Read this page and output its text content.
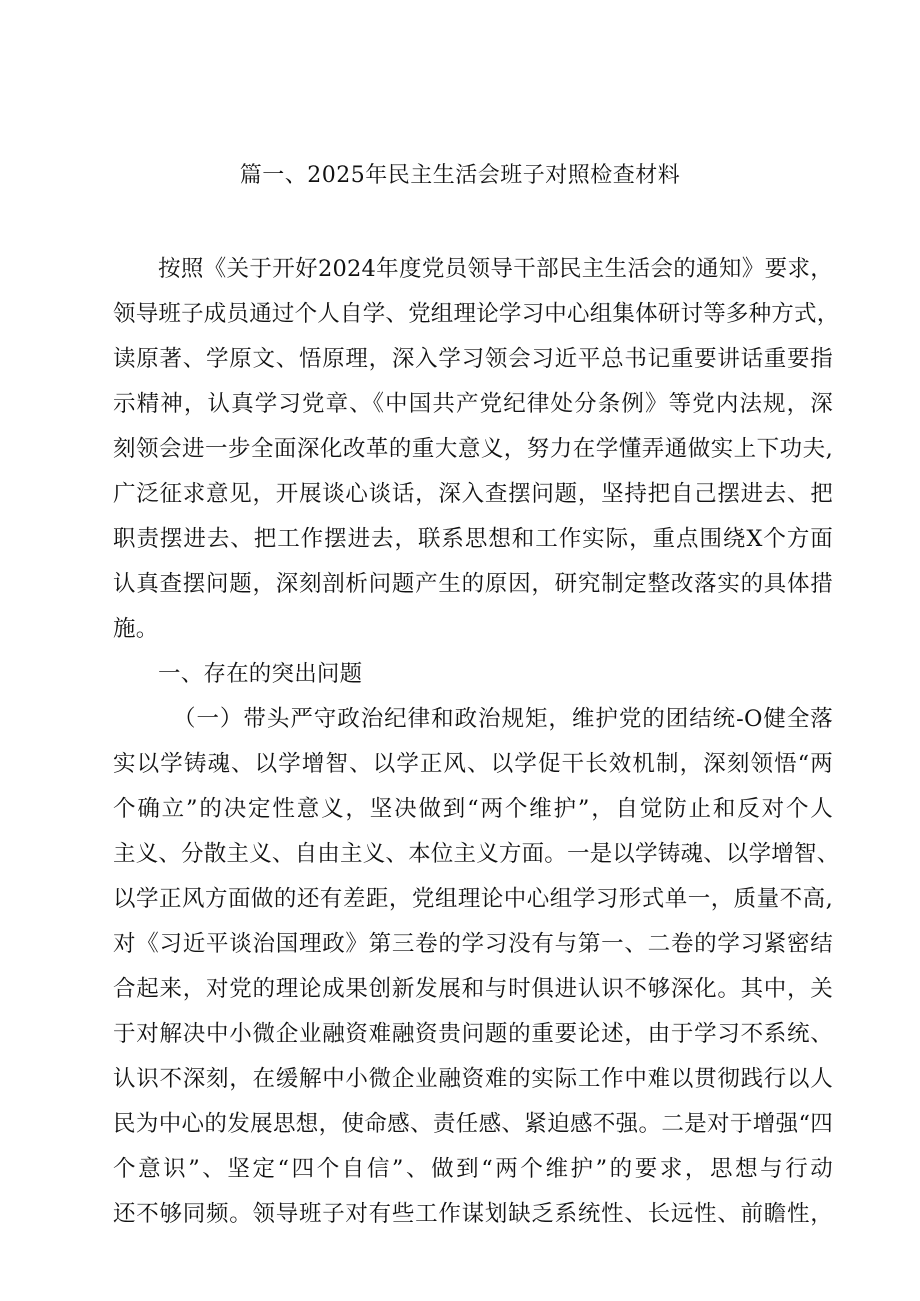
篇一、2025年民主生活会班子对照检查材料
按照《关于开好2024年度党员领导干部民主生活会的通知》要求，
领导班子成员通过个人自学、党组理论学习中心组集体研讨等多种方式，
读原著、学原文、悟原理，深入学习领会习近平总书记重要讲话重要指
示精神，认真学习党章、《中国共产党纪律处分条例》等党内法规，深
刻领会进一步全面深化改革的重大意义，努力在学懂弄通做实上下功夫,
广泛征求意见，开展谈心谈话，深入查摆问题，坚持把自己摆进去、把
职责摆进去、把工作摆进去，联系思想和工作实际，重点围绕X个方面
认真查摆问题，深刻剖析问题产生的原因，研究制定整改落实的具体措
施。
一、存在的突出问题
（一）带头严守政治纪律和政治规矩，维护党的团结统-O健全落
实以学铸魂、以学增智、以学正风、以学促干长效机制，深刻领悟“两
个确立”的决定性意义，坚决做到“两个维护”，自觉防止和反对个人
主义、分散主义、自由主义、本位主义方面。一是以学铸魂、以学增智、
以学正风方面做的还有差距，党组理论中心组学习形式单一，质量不高,
对《习近平谈治国理政》第三卷的学习没有与第一、二卷的学习紧密结
合起来，对党的理论成果创新发展和与时俱进认识不够深化。其中，关
于对解决中小微企业融资难融资贵问题的重要论述，由于学习不系统、
认识不深刻，在缓解中小微企业融资难的实际工作中难以贯彻践行以人
民为中心的发展思想，使命感、责任感、紧迫感不强。二是对于增强“四
个意识”、坚定“四个自信”、做到“两个维护”的要求，思想与行动
还不够同频。领导班子对有些工作谋划缺乏系统性、长远性、前瞻性，
